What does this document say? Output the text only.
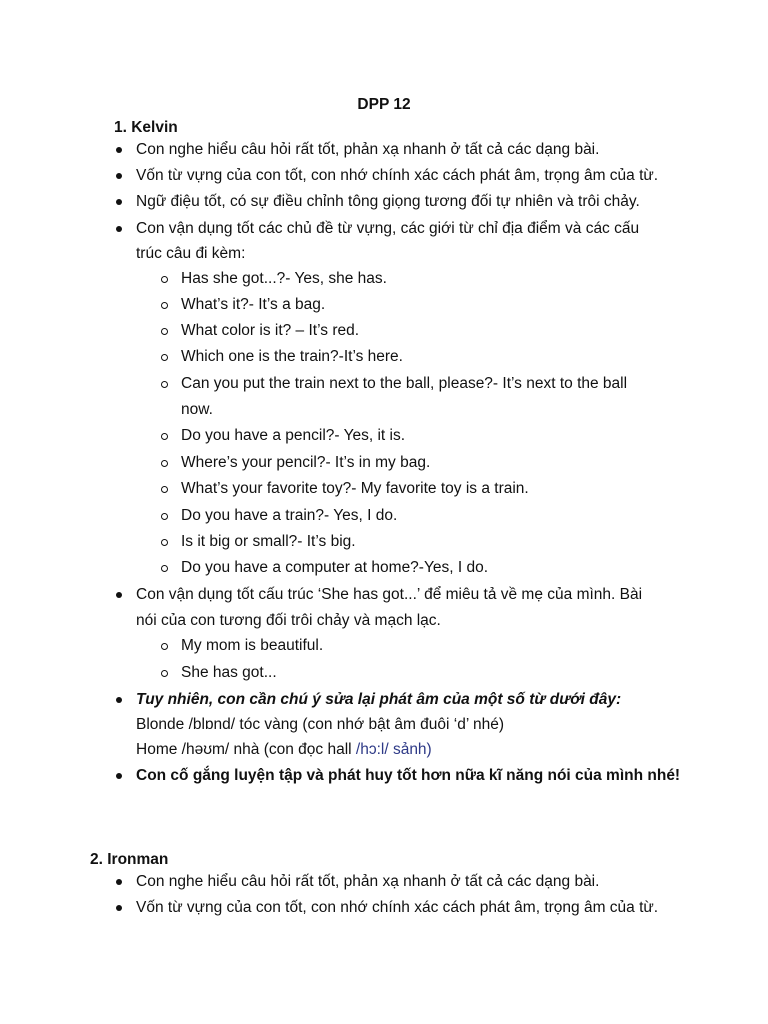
DPP 12
1. Kelvin
Con nghe hiểu câu hỏi rất tốt, phản xạ nhanh ở tất cả các dạng bài.
Vốn từ vựng của con tốt, con nhớ chính xác cách phát âm, trọng âm của từ.
Ngữ điệu tốt, có sự điều chỉnh tông giọng tương đối tự nhiên và trôi chảy.
Con vận dụng tốt các chủ đề từ vựng, các giới từ chỉ địa điểm và các cấu
trúc câu đi kèm:
Has she got...?- Yes, she has.
What’s it?- It’s a bag.
What color is it? – It’s red.
Which one is the train?-It’s here.
Can you put the train next to the ball, please?- It’s next to the ball
now.
Do you have a pencil?- Yes, it is.
Where’s your pencil?- It’s in my bag.
What’s your favorite toy?- My favorite toy is a train.
Do you have a train?- Yes, I do.
Is it big or small?- It’s big.
Do you have a computer at home?-Yes, I do.
Con vận dụng tốt cấu trúc ‘She has got...’ để miêu tả về mẹ của mình. Bài
nói của con tương đối trôi chảy và mạch lạc.
My mom is beautiful.
She has got...
Tuy nhiên, con cần chú ý sửa lại phát âm của một số từ dưới đây:
Blonde /blɒnd/ tóc vàng (con nhớ bật âm đuôi ‘d’ nhé)
Home /həʊm/ nhà (con đọc hall /hɔ:l/ sảnh)
Con cố gắng luyện tập và phát huy tốt hơn nữa kĩ năng nói của mình nhé!
2. Ironman
Con nghe hiểu câu hỏi rất tốt, phản xạ nhanh ở tất cả các dạng bài.
Vốn từ vựng của con tốt, con nhớ chính xác cách phát âm, trọng âm của từ.
